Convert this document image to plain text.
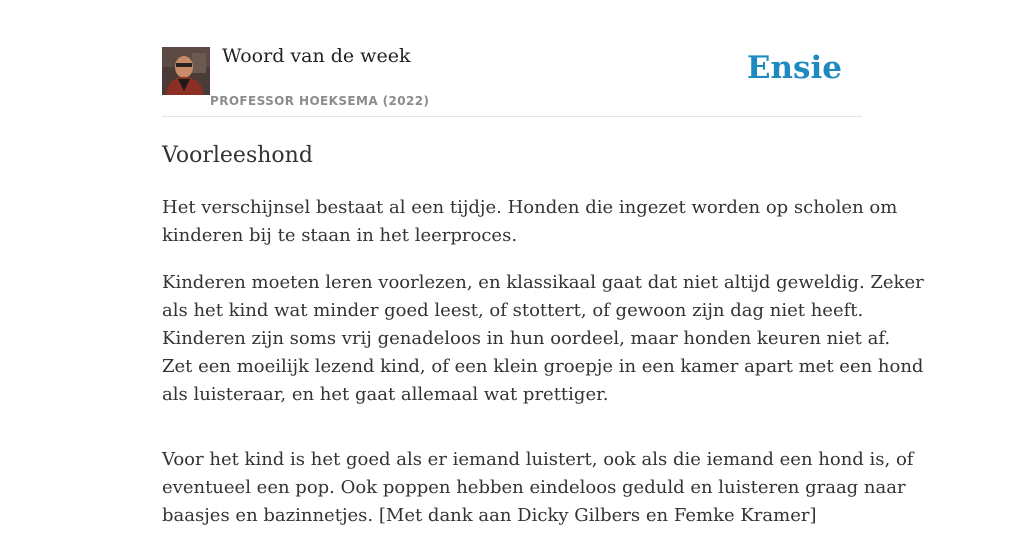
Woord van de week
PROFESSOR HOEKSEMA (2022)
Ensie
Voorleeshond

Het verschijnsel bestaat al een tijdje. Honden die ingezet worden op scholen om
kinderen bij te staan in het leerproces.

Kinderen moeten leren voorlezen, en klassikaal gaat dat niet altijd geweldig. Zeker
als het kind wat minder goed leest, of stottert, of gewoon zijn dag niet heeft.
Kinderen zijn soms vrij genadeloos in hun oordeel, maar honden keuren niet af.
Zet een moeilijk lezend kind, of een klein groepje in een kamer apart met een hond
als luisteraar, en het gaat allemaal wat prettiger.

Voor het kind is het goed als er iemand luistert, ook als die iemand een hond is, of
eventueel een pop. Ook poppen hebben eindeloos geduld en luisteren graag naar
baasjes en bazinnetjes. [Met dank aan Dicky Gilbers en Femke Kramer]
